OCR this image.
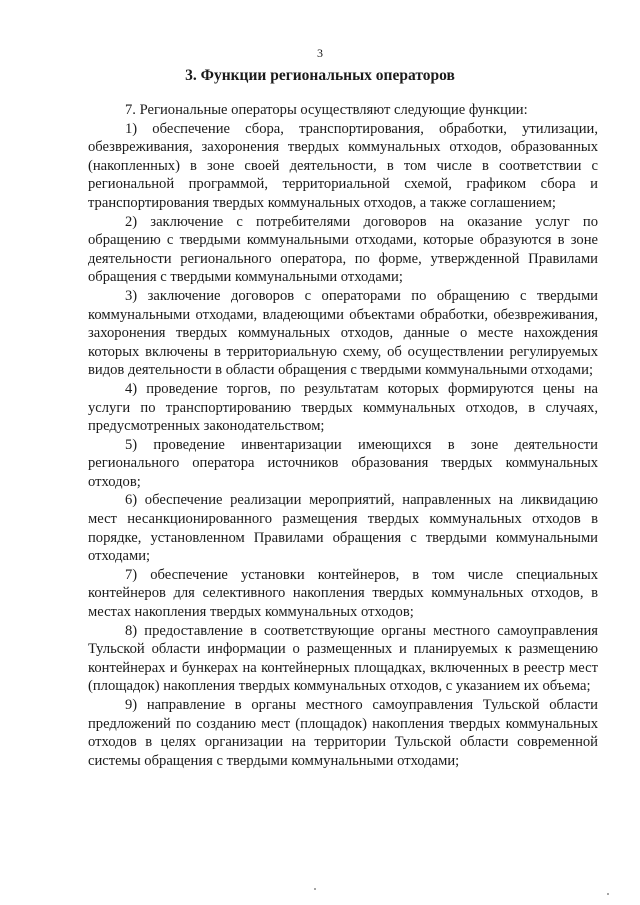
3
3. Функции региональных операторов

7. Региональные операторы осуществляют следующие функции:

1) обеспечение сбора, транспортирования, обработки, утилизации, обезвреживания, захоронения твердых коммунальных отходов, образованных (накопленных) в зоне своей деятельности, в том числе в соответствии с региональной программой, территориальной схемой, графиком сбора и транспортирования твердых коммунальных отходов, а также соглашением;

2) заключение с потребителями договоров на оказание услуг по обращению с твердыми коммунальными отходами, которые образуются в зоне деятельности регионального оператора, по форме, утвержденной Правилами обращения с твердыми коммунальными отходами;

3) заключение договоров с операторами по обращению с твердыми коммунальными отходами, владеющими объектами обработки, обезвреживания, захоронения твердых коммунальных отходов, данные о месте нахождения которых включены в территориальную схему, об осуществлении регулируемых видов деятельности в области обращения с твердыми коммунальными отходами;

4) проведение торгов, по результатам которых формируются цены на услуги по транспортированию твердых коммунальных отходов, в случаях, предусмотренных законодательством;

5) проведение инвентаризации имеющихся в зоне деятельности регионального оператора источников образования твердых коммунальных отходов;

6) обеспечение реализации мероприятий, направленных на ликвидацию мест несанкционированного размещения твердых коммунальных отходов в порядке, установленном Правилами обращения с твердыми коммунальными отходами;

7) обеспечение установки контейнеров, в том числе специальных контейнеров для селективного накопления твердых коммунальных отходов, в местах накопления твердых коммунальных отходов;

8) предоставление в соответствующие органы местного самоуправления Тульской области информации о размещенных и планируемых к размещению контейнерах и бункерах на контейнерных площадках, включенных в реестр мест (площадок) накопления твердых коммунальных отходов, с указанием их объема;

9) направление в органы местного самоуправления Тульской области предложений по созданию мест (площадок) накопления твердых коммунальных отходов в целях организации на территории Тульской области современной системы обращения с твердыми коммунальными отходами;
